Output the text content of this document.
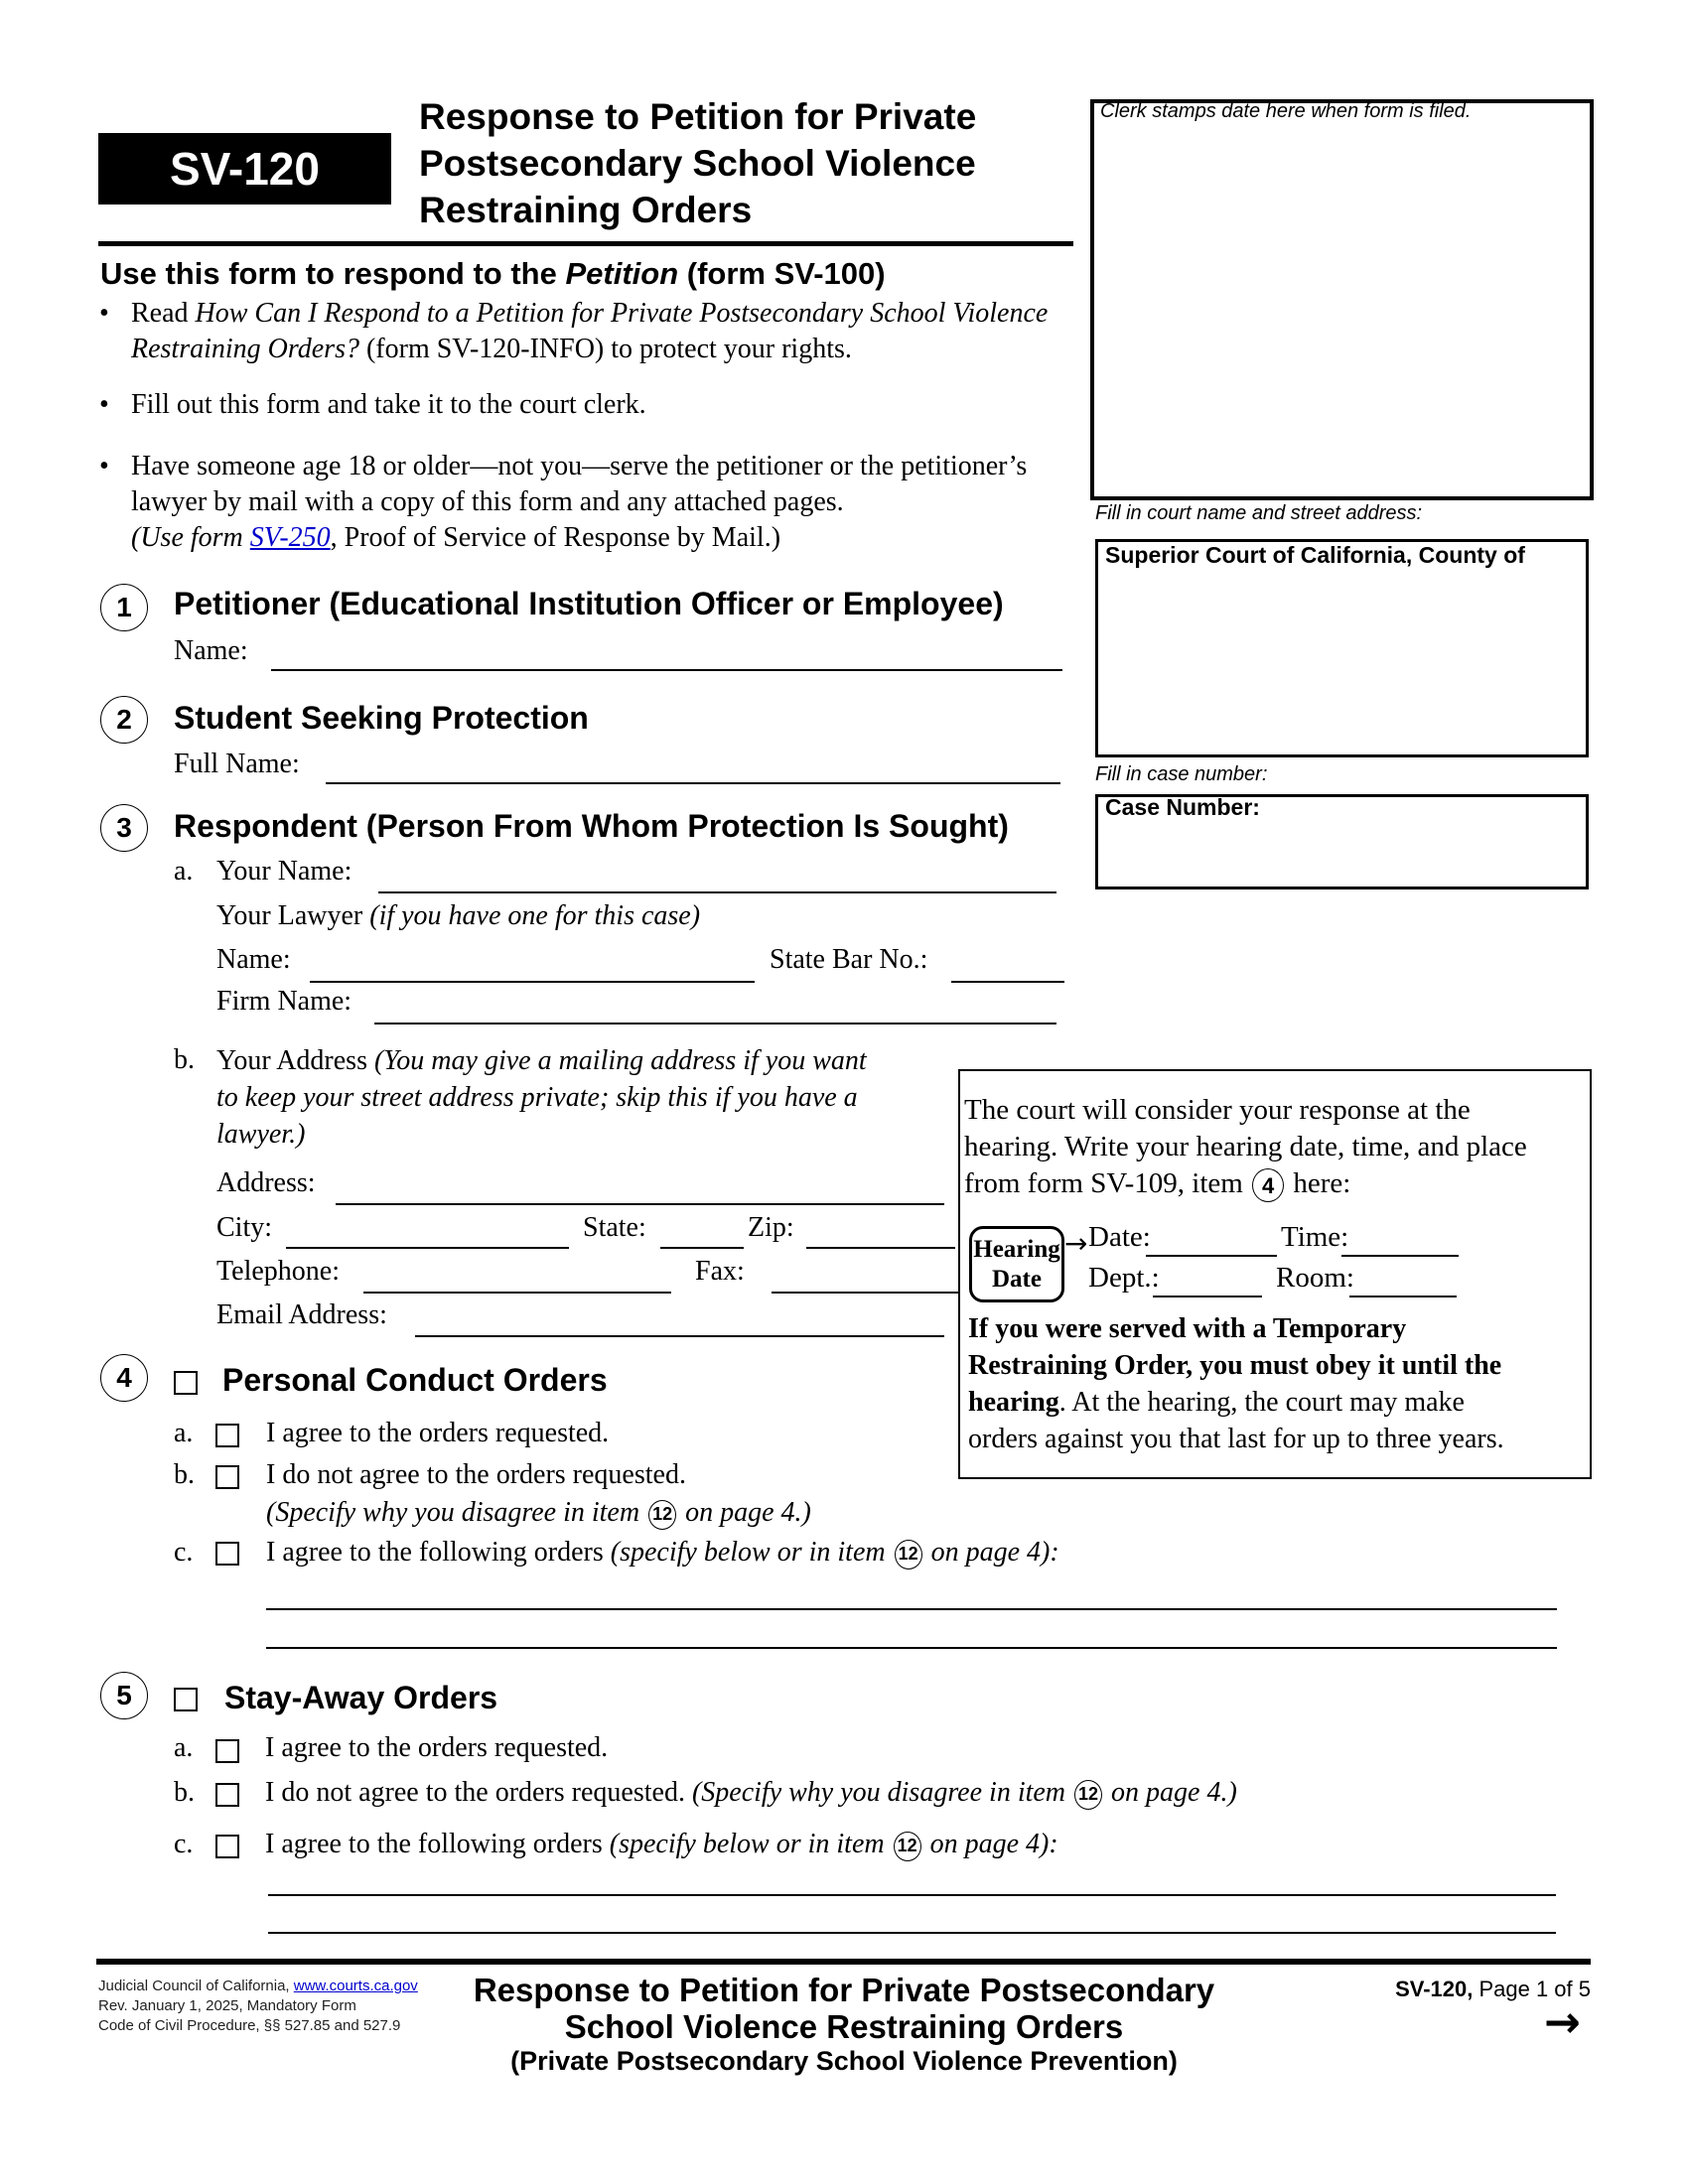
SV-120
Response to Petition for Private
Postsecondary School Violence
Restraining Orders
Clerk stamps date here when form is filed.
Fill in court name and street address:
Superior Court of California, County of
Fill in case number:
Case Number:
Use this form to respond to the Petition (form SV-100)
• Read How Can I Respond to a Petition for Private Postsecondary School Violence Restraining Orders? (form SV-120-INFO) to protect your rights.
• Fill out this form and take it to the court clerk.
• Have someone age 18 or older—not you—serve the petitioner or the petitioner’s lawyer by mail with a copy of this form and any attached pages.
(Use form SV-250, Proof of Service of Response by Mail.)
1	Petitioner (Educational Institution Officer or Employee)
Name:
2	Student Seeking Protection
Full Name:
3	Respondent (Person From Whom Protection Is Sought)
a. Your Name:
Your Lawyer (if you have one for this case)
Name:	State Bar No.:
Firm Name:
b. Your Address (You may give a mailing address if you want
to keep your street address private; skip this if you have a
lawyer.)
Address:
City:	State:	Zip:
Telephone:	Fax:
Email Address:
The court will consider your response at the
hearing. Write your hearing date, time, and place
from form SV-109, item 4 here:
Hearing
Date
→ Date:	Time:
Dept.:	Room:
If you were served with a Temporary
Restraining Order, you must obey it until the
hearing. At the hearing, the court may make
orders against you that last for up to three years.
4	Personal Conduct Orders
a.	I agree to the orders requested.
b.	I do not agree to the orders requested.
(Specify why you disagree in item 12 on page 4.)
c.	I agree to the following orders (specify below or in item 12 on page 4):
5	Stay-Away Orders
a.	I agree to the orders requested.
b.	I do not agree to the orders requested. (Specify why you disagree in item 12 on page 4.)
c.	I agree to the following orders (specify below or in item 12 on page 4):
Judicial Council of California, www.courts.ca.gov
Rev. January 1, 2025, Mandatory Form
Code of Civil Procedure, §§ 527.85 and 527.9
Response to Petition for Private Postsecondary
School Violence Restraining Orders
(Private Postsecondary School Violence Prevention)
SV-120, Page 1 of 5
→
